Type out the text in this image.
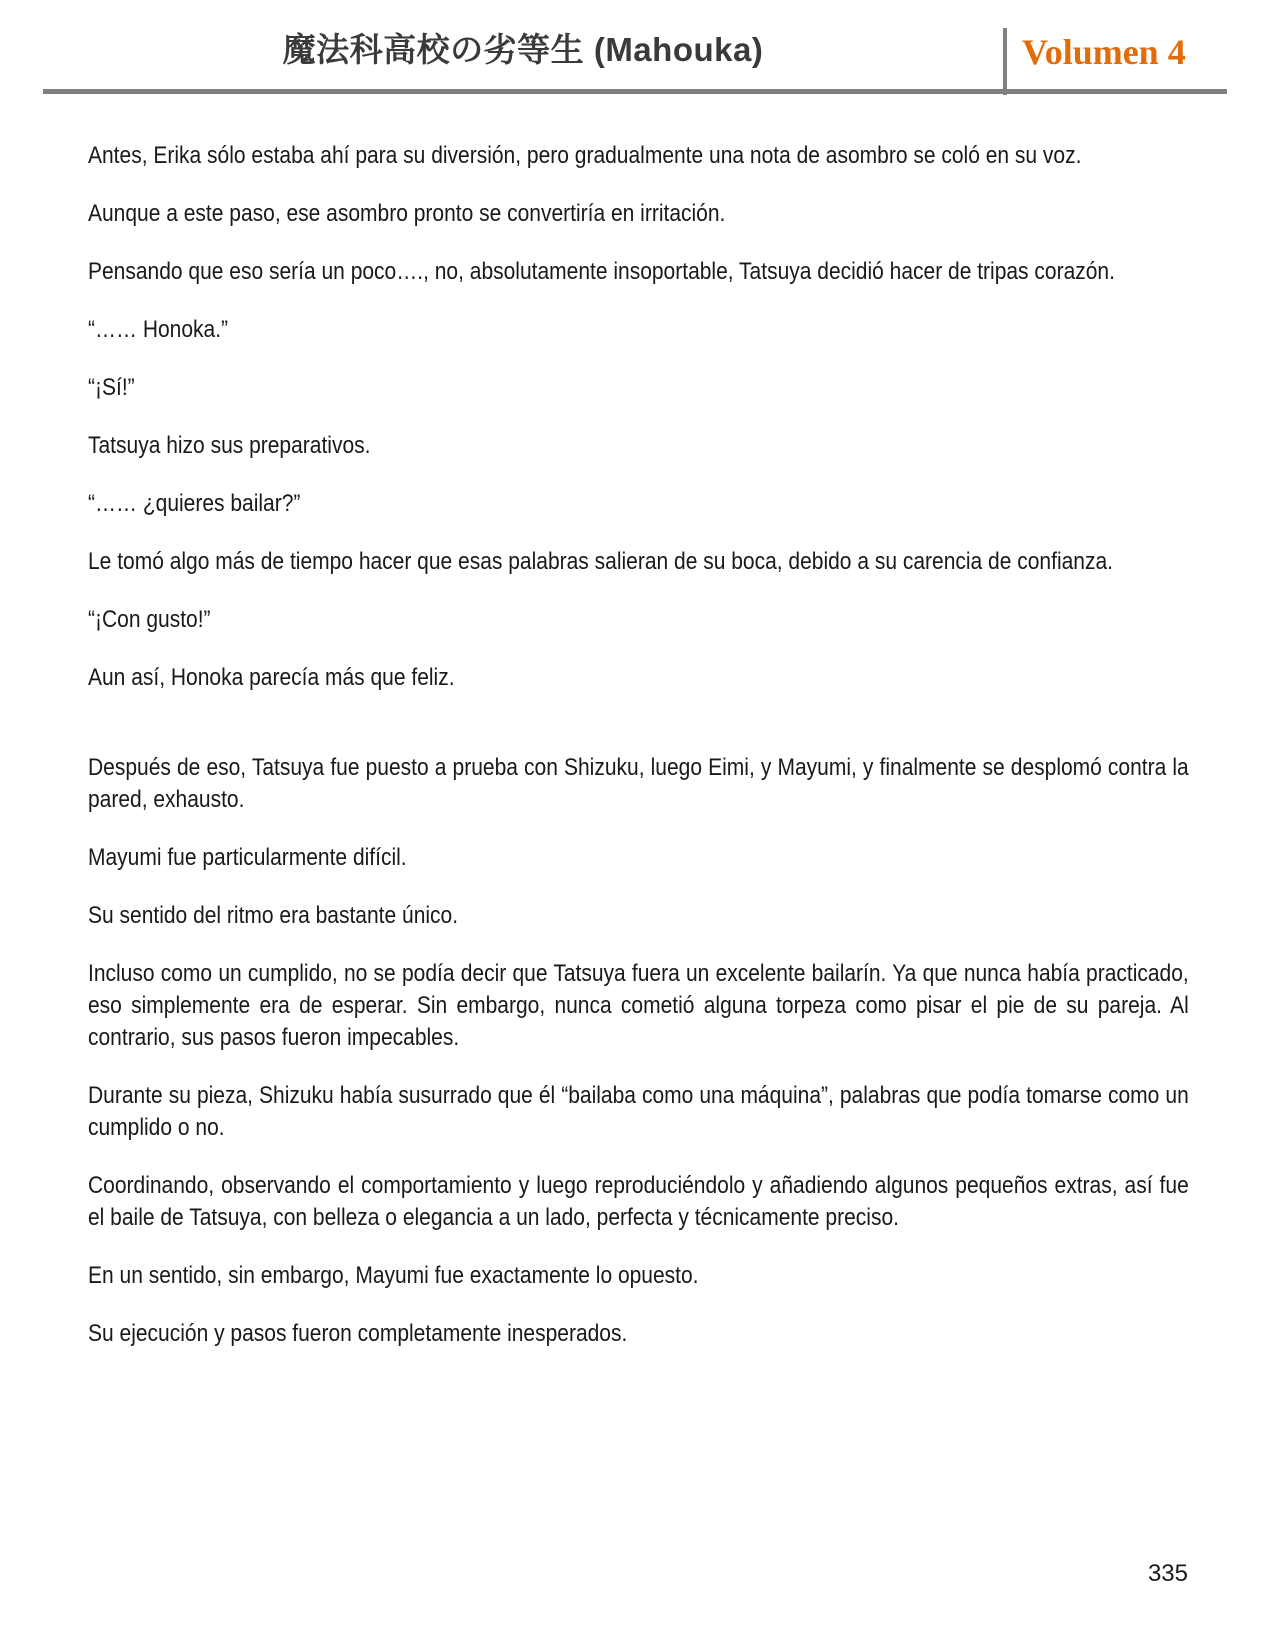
魔法科高校の劣等生 (Mahouka)	Volumen 4

Antes, Erika sólo estaba ahí para su diversión, pero gradualmente una nota de asombro se coló en su voz.

Aunque a este paso, ese asombro pronto se convertiría en irritación.

Pensando que eso sería un poco…., no, absolutamente insoportable, Tatsuya decidió hacer de tripas corazón.

“…… Honoka.”

“¡Sí!”

Tatsuya hizo sus preparativos.

“…… ¿quieres bailar?”

Le tomó algo más de tiempo hacer que esas palabras salieran de su boca, debido a su carencia de confianza.

“¡Con gusto!”

Aun así, Honoka parecía más que feliz.

Después de eso, Tatsuya fue puesto a prueba con Shizuku, luego Eimi, y Mayumi, y finalmente se desplomó contra la pared, exhausto.

Mayumi fue particularmente difícil.

Su sentido del ritmo era bastante único.

Incluso como un cumplido, no se podía decir que Tatsuya fuera un excelente bailarín. Ya que nunca había practicado, eso simplemente era de esperar. Sin embargo, nunca cometió alguna torpeza como pisar el pie de su pareja. Al contrario, sus pasos fueron impecables.

Durante su pieza, Shizuku había susurrado que él “bailaba como una máquina”, palabras que podía tomarse como un cumplido o no.

Coordinando, observando el comportamiento y luego reproduciéndolo y añadiendo algunos pequeños extras, así fue el baile de Tatsuya, con belleza o elegancia a un lado, perfecta y técnicamente preciso.

En un sentido, sin embargo, Mayumi fue exactamente lo opuesto.

Su ejecución y pasos fueron completamente inesperados.

335
